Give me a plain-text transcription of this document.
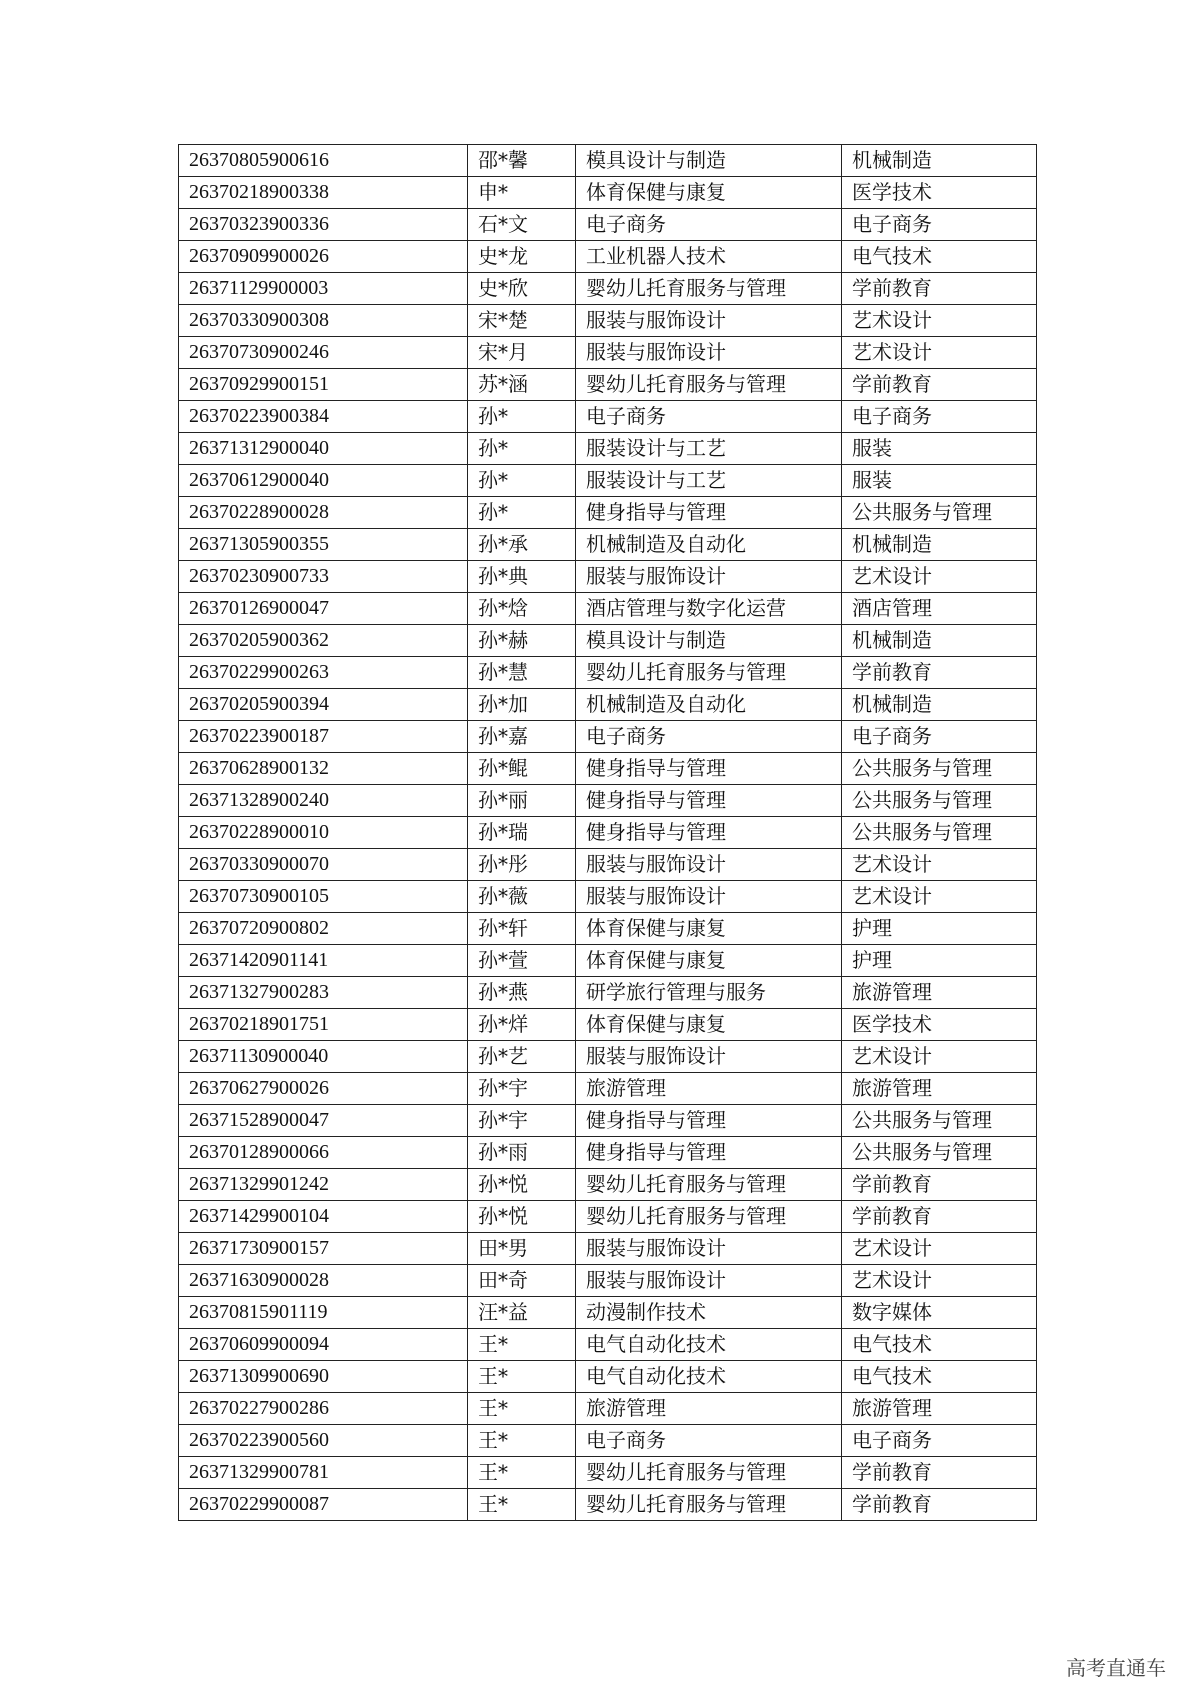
26370805900616	邵*馨	模具设计与制造	机械制造
26370218900338	申*	体育保健与康复	医学技术
26370323900336	石*文	电子商务	电子商务
26370909900026	史*龙	工业机器人技术	电气技术
26371129900003	史*欣	婴幼儿托育服务与管理	学前教育
26370330900308	宋*楚	服装与服饰设计	艺术设计
26370730900246	宋*月	服装与服饰设计	艺术设计
26370929900151	苏*涵	婴幼儿托育服务与管理	学前教育
26370223900384	孙*	电子商务	电子商务
26371312900040	孙*	服装设计与工艺	服装
26370612900040	孙*	服装设计与工艺	服装
26370228900028	孙*	健身指导与管理	公共服务与管理
26371305900355	孙*承	机械制造及自动化	机械制造
26370230900733	孙*典	服装与服饰设计	艺术设计
26370126900047	孙*焓	酒店管理与数字化运营	酒店管理
26370205900362	孙*赫	模具设计与制造	机械制造
26370229900263	孙*慧	婴幼儿托育服务与管理	学前教育
26370205900394	孙*加	机械制造及自动化	机械制造
26370223900187	孙*嘉	电子商务	电子商务
26370628900132	孙*鲲	健身指导与管理	公共服务与管理
26371328900240	孙*丽	健身指导与管理	公共服务与管理
26370228900010	孙*瑞	健身指导与管理	公共服务与管理
26370330900070	孙*彤	服装与服饰设计	艺术设计
26370730900105	孙*薇	服装与服饰设计	艺术设计
26370720900802	孙*轩	体育保健与康复	护理
26371420901141	孙*萱	体育保健与康复	护理
26371327900283	孙*燕	研学旅行管理与服务	旅游管理
26370218901751	孙*烊	体育保健与康复	医学技术
26371130900040	孙*艺	服装与服饰设计	艺术设计
26370627900026	孙*宇	旅游管理	旅游管理
26371528900047	孙*宇	健身指导与管理	公共服务与管理
26370128900066	孙*雨	健身指导与管理	公共服务与管理
26371329901242	孙*悦	婴幼儿托育服务与管理	学前教育
26371429900104	孙*悦	婴幼儿托育服务与管理	学前教育
26371730900157	田*男	服装与服饰设计	艺术设计
26371630900028	田*奇	服装与服饰设计	艺术设计
26370815901119	汪*益	动漫制作技术	数字媒体
26370609900094	王*	电气自动化技术	电气技术
26371309900690	王*	电气自动化技术	电气技术
26370227900286	王*	旅游管理	旅游管理
26370223900560	王*	电子商务	电子商务
26371329900781	王*	婴幼儿托育服务与管理	学前教育
26370229900087	王*	婴幼儿托育服务与管理	学前教育
高考直通车
